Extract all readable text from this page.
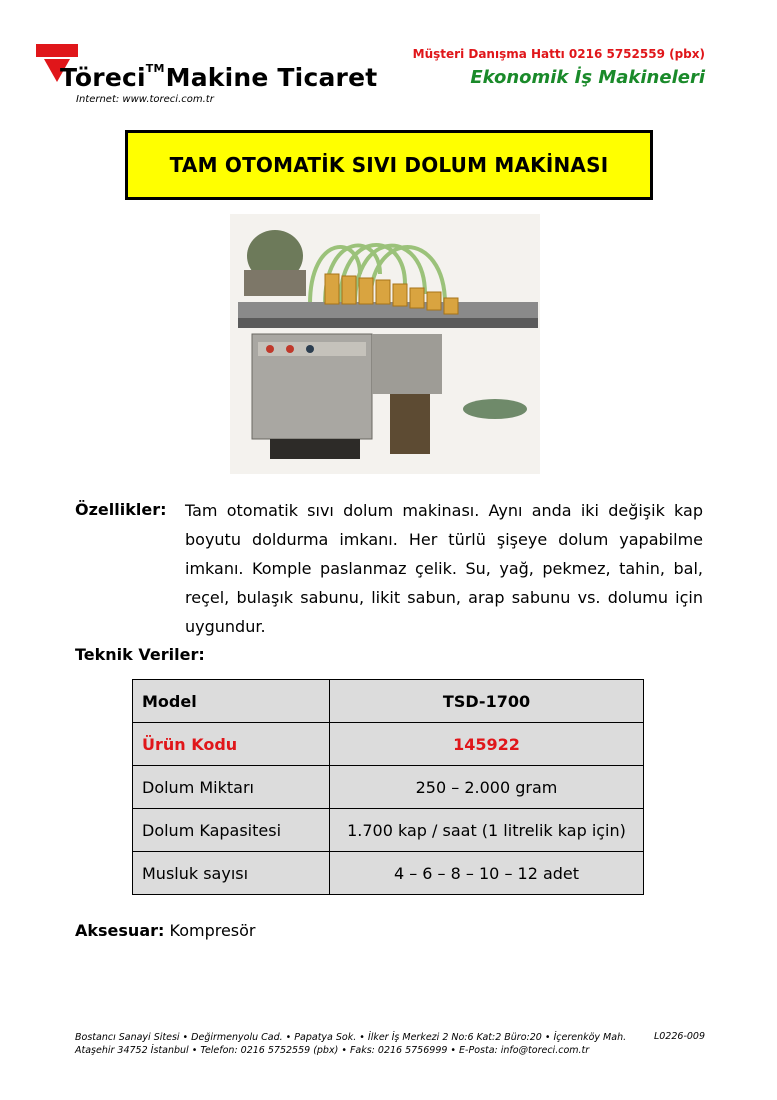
Töreci™Makine Ticaret
Internet: www.toreci.com.tr
Müşteri Danışma Hattı 0216 5752559 (pbx)
Ekonomik İş Makineleri
TAM OTOMATİK SIVI DOLUM MAKİNASI
Özellikler: Tam otomatik sıvı dolum makinası. Aynı anda iki değişik kap boyutu doldurma imkanı. Her türlü şişeye dolum yapabilme imkanı. Komple paslanmaz çelik. Su, yağ, pekmez, tahin, bal, reçel, bulaşık sabunu, likit sabun, arap sabunu vs. dolumu için uygundur.
Teknik Veriler:
Model	TSD-1700
Ürün Kodu	145922
Dolum Miktarı	250 – 2.000 gram
Dolum Kapasitesi	1.700 kap / saat (1 litrelik kap için)
Musluk sayısı	4 – 6 – 8 – 10 – 12 adet
Aksesuar: Kompresör
Bostancı Sanayi Sitesi • Değirmenyolu Cad. • Papatya Sok. • İlker İş Merkezi 2 No:6 Kat:2 Büro:20 • İçerenköy Mah.
Ataşehir 34752 İstanbul • Telefon: 0216 5752559 (pbx) • Faks: 0216 5756999 • E-Posta: info@toreci.com.tr
L0226-009
